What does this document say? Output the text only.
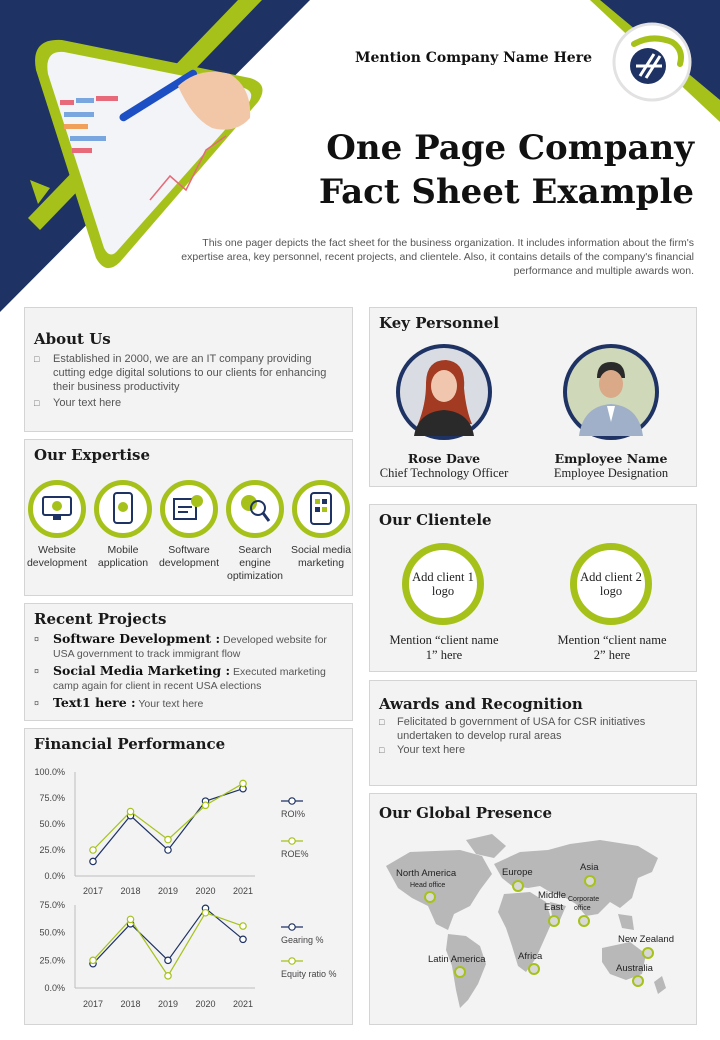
Mention Company Name Here
One Page Company
Fact Sheet Example
This one pager depicts the fact sheet for the business organization. It includes information about the firm's expertise area, key personnel, recent projects, and clientele. Also, it contains details of the company's financial performance and multiple awards won.
About Us
□ Established in 2000, we are an IT company providing cutting edge digital solutions to our clients for enhancing their business productivity
□ Your text here
Our Expertise
Website development
Mobile application
Software development
Search engine optimization
Social media marketing
Recent Projects
¤ Software Development : Developed website for USA government to track immigrant flow
¤ Social Media Marketing : Executed marketing camp again for client in recent USA elections
¤ Text1 here : Your text here
Financial Performance
0.0%
25.0%
50.0%
75.0%
100.0%
2017 2018 2019 2020 2021
ROI%
ROE%
0.0%
25.0%
50.0%
75.0%
2017 2018 2019 2020 2021
Gearing %
Equity ratio %
Key Personnel
Rose Dave
Chief Technology Officer
Employee Name
Employee Designation
Our Clientele
Add client 1 logo
Mention “client name 1” here
Add client 2 logo
Mention “client name 2” here
Awards and Recognition
□ Felicitated b government of USA for CSR initiatives undertaken to develop rural areas
□ Your text here
Our Global Presence
North America
Head office
Europe	Asia
Middle
East
Corporate
office
Latin America	Africa
New Zealand
Australia
